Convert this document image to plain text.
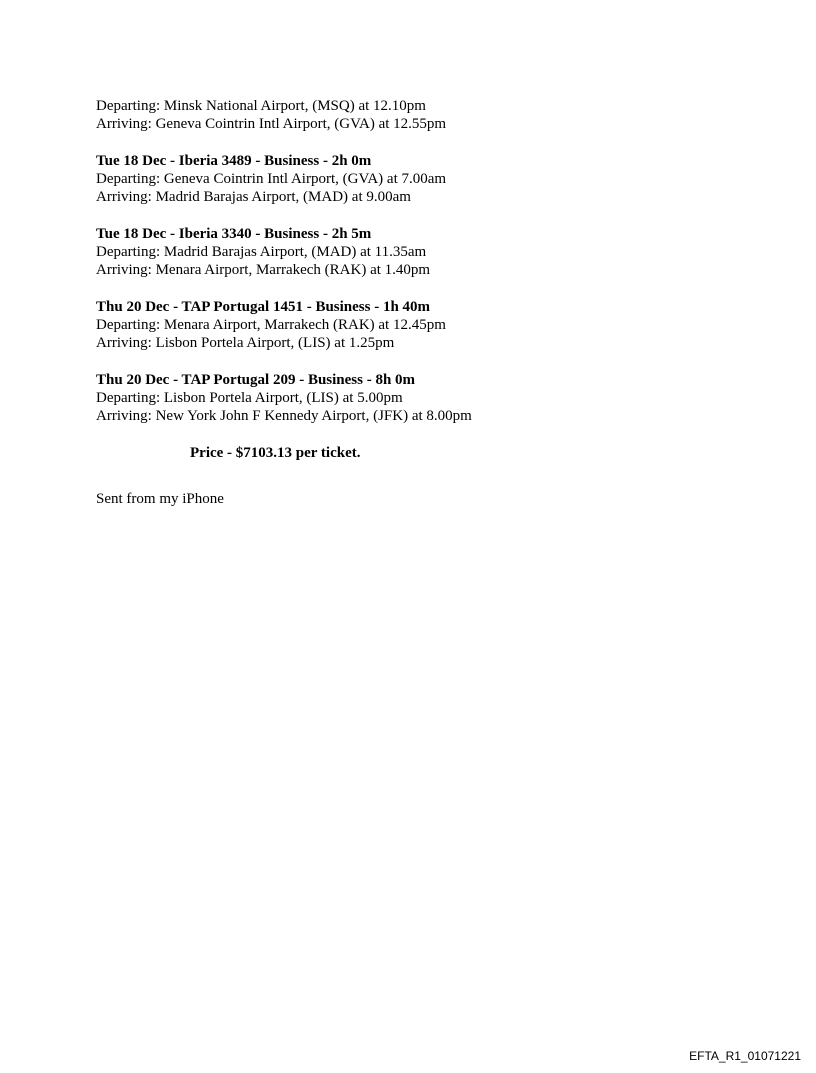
Departing: Minsk National Airport, (MSQ) at 12.10pm
Arriving: Geneva Cointrin Intl Airport, (GVA) at 12.55pm
Tue 18 Dec - Iberia 3489 - Business - 2h 0m
Departing: Geneva Cointrin Intl Airport, (GVA) at 7.00am
Arriving: Madrid Barajas Airport, (MAD) at 9.00am
Tue 18 Dec - Iberia 3340 - Business - 2h 5m
Departing: Madrid Barajas Airport, (MAD) at 11.35am
Arriving: Menara Airport, Marrakech (RAK) at 1.40pm
Thu 20 Dec - TAP Portugal 1451 - Business - 1h 40m
Departing: Menara Airport, Marrakech (RAK) at 12.45pm
Arriving: Lisbon Portela Airport, (LIS) at 1.25pm
Thu 20 Dec - TAP Portugal 209 - Business - 8h 0m
Departing: Lisbon Portela Airport, (LIS) at 5.00pm
Arriving: New York John F Kennedy Airport, (JFK) at 8.00pm
Price - $7103.13 per ticket.
Sent from my iPhone
EFTA_R1_01071221
